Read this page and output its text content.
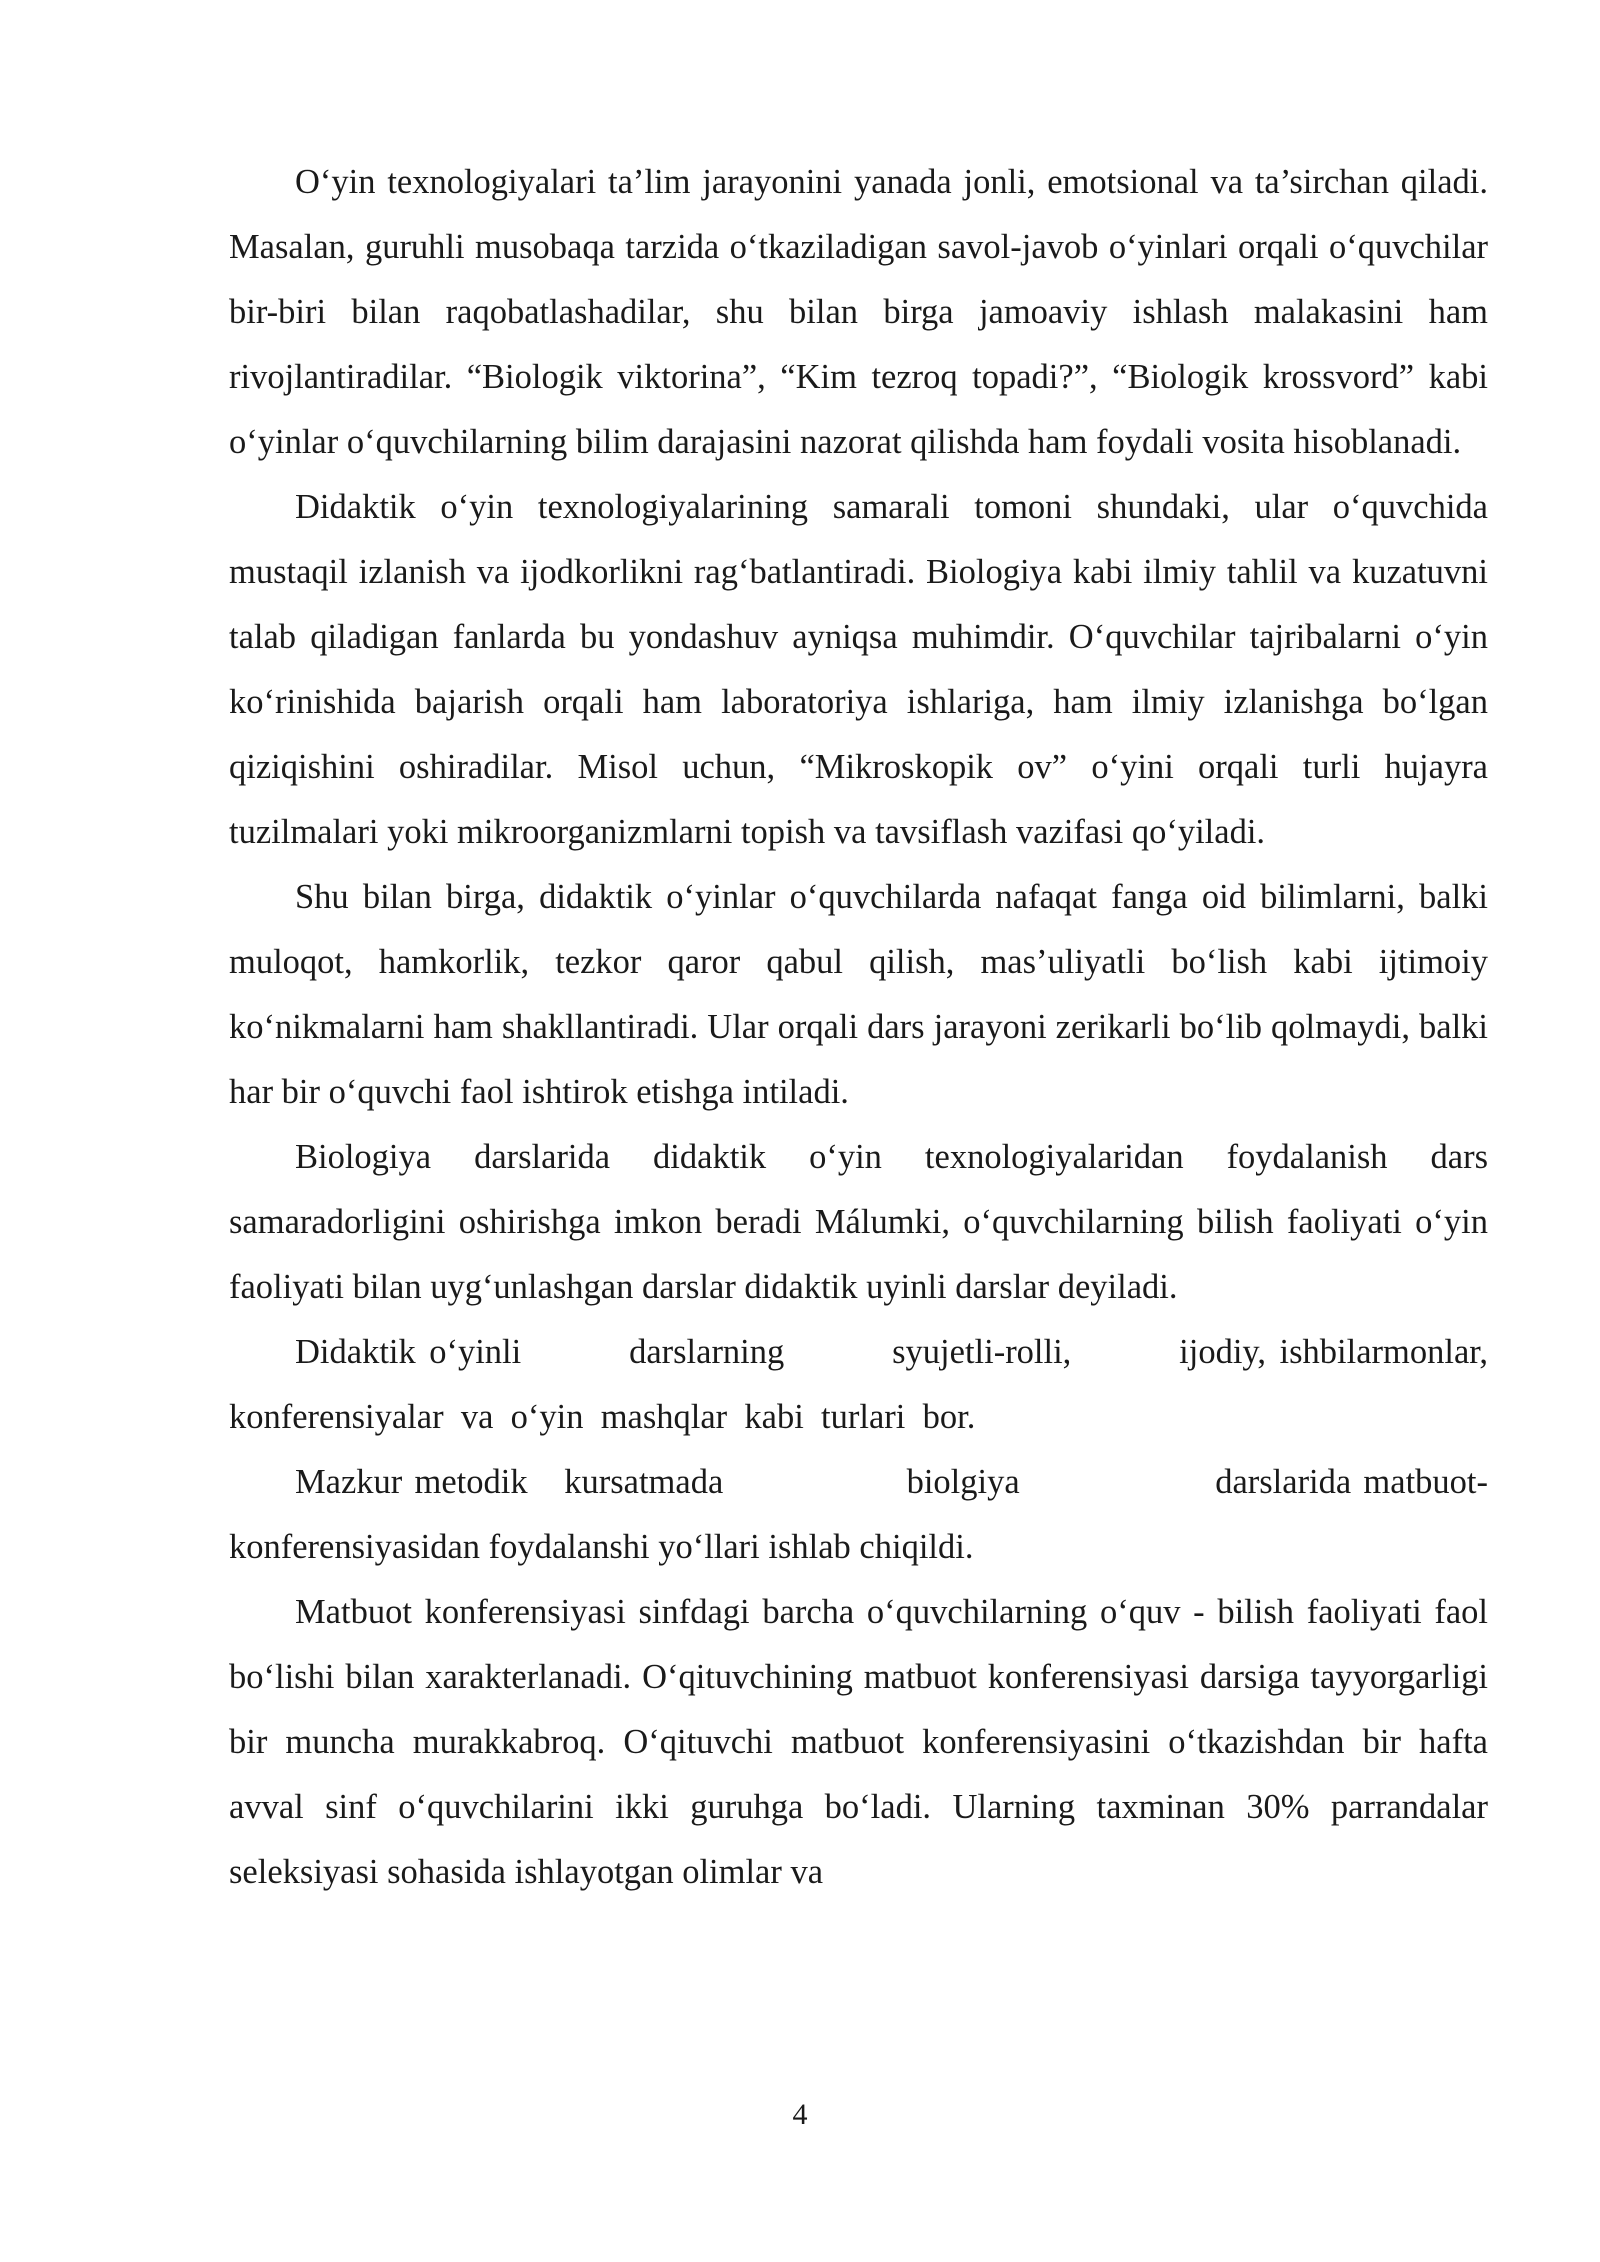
O‘yin texnologiyalari ta’lim jarayonini yanada jonli, emotsional va ta’sirchan qiladi. Masalan, guruhli musobaqa tarzida o‘tkaziladigan savol-javob o‘yinlari orqali o‘quvchilar bir-biri bilan raqobatlashadilar, shu bilan birga jamoaviy ishlash malakasini ham rivojlantiradilar. “Biologik viktorina”, “Kim tezroq topadi?”, “Biologik krossvord” kabi o‘yinlar o‘quvchilarning bilim darajasini nazorat qilishda ham foydali vosita hisoblanadi.

Didaktik o‘yin texnologiyalarining samarali tomoni shundaki, ular o‘quvchida mustaqil izlanish va ijodkorlikni rag‘batlantiradi. Biologiya kabi ilmiy tahlil va kuzatuvni talab qiladigan fanlarda bu yondashuv ayniqsa muhimdir. O‘quvchilar tajribalarni o‘yin ko‘rinishida bajarish orqali ham laboratoriya ishlariga, ham ilmiy izlanishga bo‘lgan qiziqishini oshiradilar. Misol uchun, “Mikroskopik ov” o‘yini orqali turli hujayra tuzilmalari yoki mikroorganizmlarni topish va tavsiflash vazifasi qo‘yiladi.

Shu bilan birga, didaktik o‘yinlar o‘quvchilarda nafaqat fanga oid bilimlarni, balki muloqot, hamkorlik, tezkor qaror qabul qilish, mas’uliyatli bo‘lish kabi ijtimoiy ko‘nikmalarni ham shakllantiradi. Ular orqali dars jarayoni zerikarli bo‘lib qolmaydi, balki har bir o‘quvchi faol ishtirok etishga intiladi.

Biologiya darslarida didaktik o‘yin texnologiyalaridan foydalanish dars samaradorligini oshirishga imkon beradi Málumki, o‘quvchilarning bilish faoliyati o‘yin faoliyati bilan uyg‘unlashgan darslar didaktik uyinli darslar deyiladi.

Didaktik o‘yinli        darslarning        syujetli-rolli,        ijodiy, ishbilarmonlar, konferensiyalar  va  o‘yin  mashqlar  kabi  turlari  bor.

Mazkur metodik   kursatmada               biolgiya                darslarida matbuot-konferensiyasidan foydalanshi yo‘llari ishlab chiqildi.

Matbuot konferensiyasi sinfdagi barcha o‘quvchilarning o‘quv - bilish faoliyati faol bo‘lishi bilan xarakterlanadi. O‘qituvchining matbuot konferensiyasi darsiga tayyorgarligi bir muncha murakkabroq. O‘qituvchi matbuot konferensiyasini o‘tkazishdan bir hafta avval sinf o‘quvchilarini ikki guruhga bo‘ladi. Ularning taxminan 30% parrandalar seleksiyasi sohasida ishlayotgan olimlar va

4
